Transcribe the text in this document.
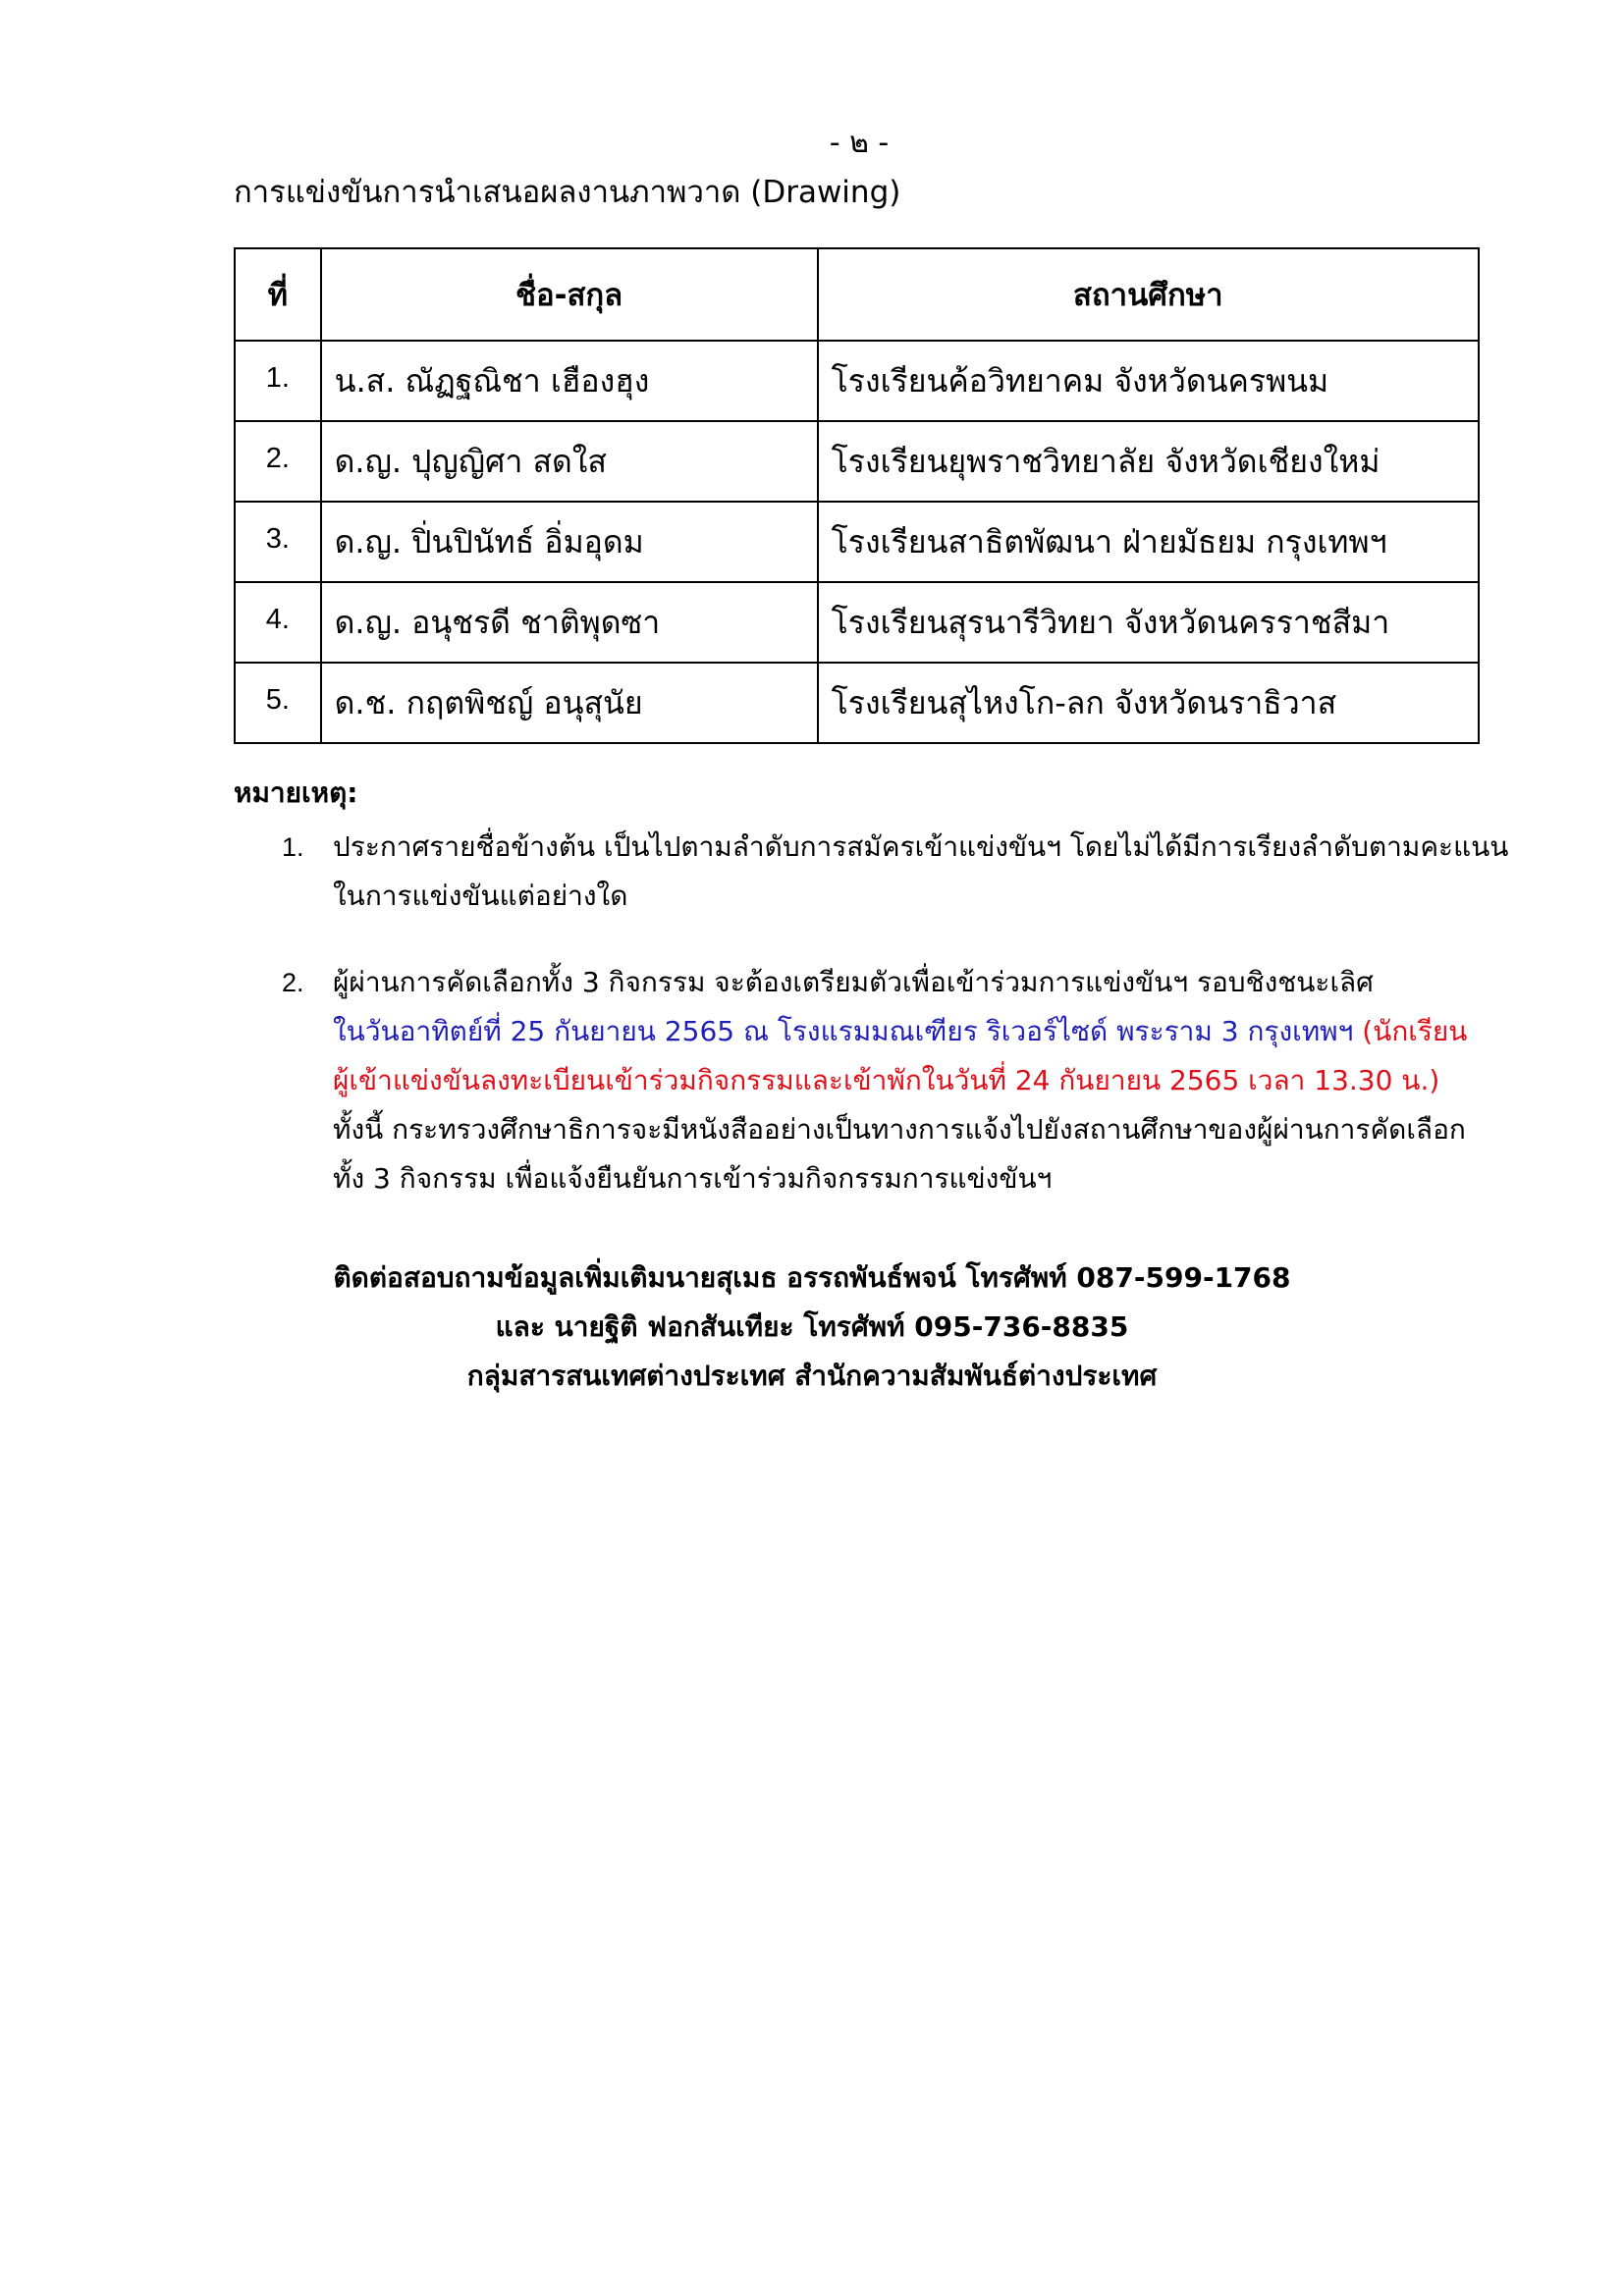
- ๒ -
การแข่งขันการนำเสนอผลงานภาพวาด (Drawing)
ที่	ชื่อ-สกุล	สถานศึกษา
1.	น.ส. ณัฏฐณิชา เฮืองฮุง	โรงเรียนค้อวิทยาคม จังหวัดนครพนม
2.	ด.ญ. ปุญญิศา สดใส	โรงเรียนยุพราชวิทยาลัย จังหวัดเชียงใหม่
3.	ด.ญ. ปิ่นปินัทธ์ อิ่มอุดม	โรงเรียนสาธิตพัฒนา ฝ่ายมัธยม กรุงเทพฯ
4.	ด.ญ. อนุชรดี ชาติพุดซา	โรงเรียนสุรนารีวิทยา จังหวัดนครราชสีมา
5.	ด.ช. กฤตพิชญ์ อนุสุนัย	โรงเรียนสุไหงโก-ลก จังหวัดนราธิวาส
หมายเหตุ:
1. ประกาศรายชื่อข้างต้น เป็นไปตามลำดับการสมัครเข้าแข่งขันฯ โดยไม่ได้มีการเรียงลำดับตามคะแนน
ในการแข่งขันแต่อย่างใด
2. ผู้ผ่านการคัดเลือกทั้ง 3 กิจกรรม จะต้องเตรียมตัวเพื่อเข้าร่วมการแข่งขันฯ รอบชิงชนะเลิศ
ในวันอาทิตย์ที่ 25 กันยายน 2565 ณ โรงแรมมณเฑียร ริเวอร์ไซด์ พระราม 3 กรุงเทพฯ (นักเรียน
ผู้เข้าแข่งขันลงทะเบียนเข้าร่วมกิจกรรมและเข้าพักในวันที่ 24 กันยายน 2565 เวลา 13.30 น.)
ทั้งนี้ กระทรวงศึกษาธิการจะมีหนังสืออย่างเป็นทางการแจ้งไปยังสถานศึกษาของผู้ผ่านการคัดเลือก
ทั้ง 3 กิจกรรม เพื่อแจ้งยืนยันการเข้าร่วมกิจกรรมการแข่งขันฯ
ติดต่อสอบถามข้อมูลเพิ่มเติมนายสุเมธ อรรถพันธ์พจน์ โทรศัพท์ 087-599-1768
และ นายฐิติ ฟอกสันเทียะ โทรศัพท์ 095-736-8835
กลุ่มสารสนเทศต่างประเทศ สำนักความสัมพันธ์ต่างประเทศ
